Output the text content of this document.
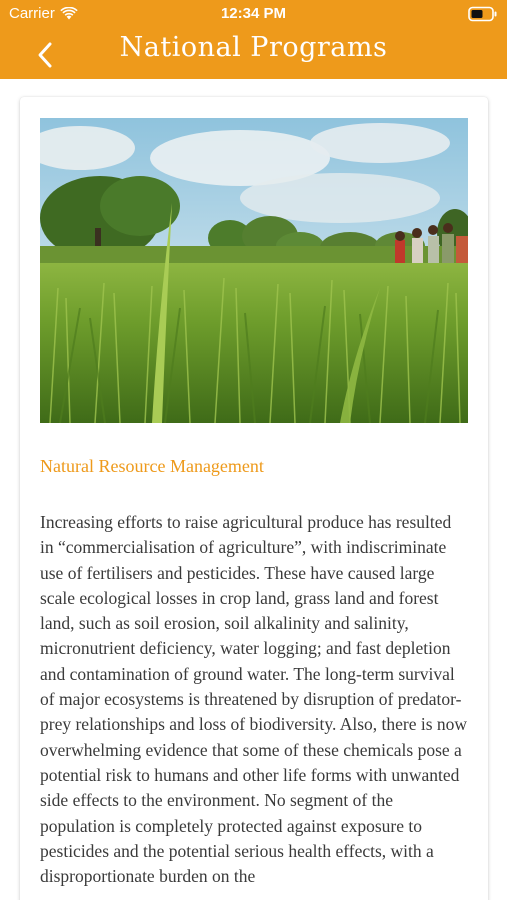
Carrier	12:34 PM
National Programs
Natural Resource Management
Increasing efforts to raise agricultural produce has resulted in “commercialisation of agriculture”, with indiscriminate use of fertilisers and pesticides. These have caused large scale ecological losses in crop land, grass land and forest land, such as soil erosion, soil alkalinity and salinity, micronutrient deficiency, water logging; and fast depletion and contamination of ground water. The long-term survival of major ecosystems is threatened by disruption of predator-prey relationships and loss of biodiversity. Also, there is now overwhelming evidence that some of these chemicals pose a potential risk to humans and other life forms with unwanted side effects to the environment. No segment of the population is completely protected against exposure to pesticides and the potential serious health effects, with a disproportionate burden on the
